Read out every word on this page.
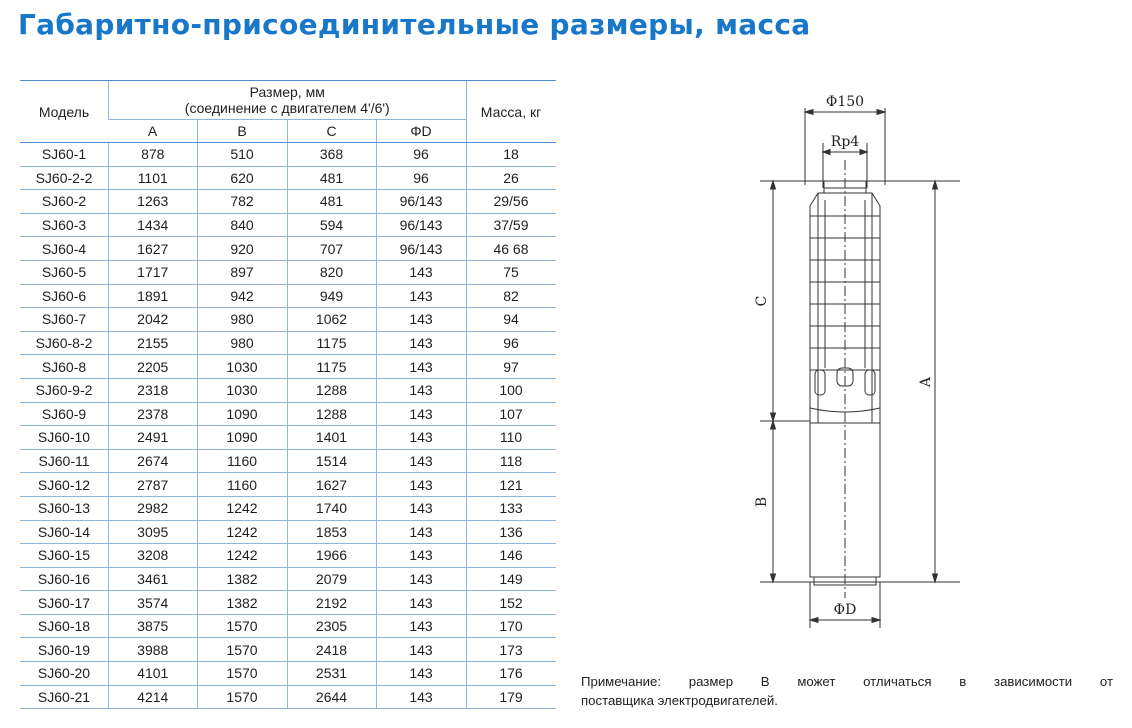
Габаритно-присоединительные размеры, масса
Модель	Размер, мм
(соединение с двигателем 4'/6')				Масса, кг
	A	B	C	ΦD	
SJ60-1	878	510	368	96	18
SJ60-2-2	1101	620	481	96	26
SJ60-2	1263	782	481	96/143	29/56
SJ60-3	1434	840	594	96/143	37/59
SJ60-4	1627	920	707	96/143	46 68
SJ60-5	1717	897	820	143	75
SJ60-6	1891	942	949	143	82
SJ60-7	2042	980	1062	143	94
SJ60-8-2	2155	980	1175	143	96
SJ60-8	2205	1030	1175	143	97
SJ60-9-2	2318	1030	1288	143	100
SJ60-9	2378	1090	1288	143	107
SJ60-10	2491	1090	1401	143	110
SJ60-11	2674	1160	1514	143	118
SJ60-12	2787	1160	1627	143	121
SJ60-13	2982	1242	1740	143	133
SJ60-14	3095	1242	1853	143	136
SJ60-15	3208	1242	1966	143	146
SJ60-16	3461	1382	2079	143	149
SJ60-17	3574	1382	2192	143	152
SJ60-18	3875	1570	2305	143	170
SJ60-19	3988	1570	2418	143	173
SJ60-20	4101	1570	2531	143	176
SJ60-21	4214	1570	2644	143	179
Φ150
Rp4
ΦD
C
B
A
Примечание: размер B может отличаться в зависимости от
поставщика электродвигателей.
